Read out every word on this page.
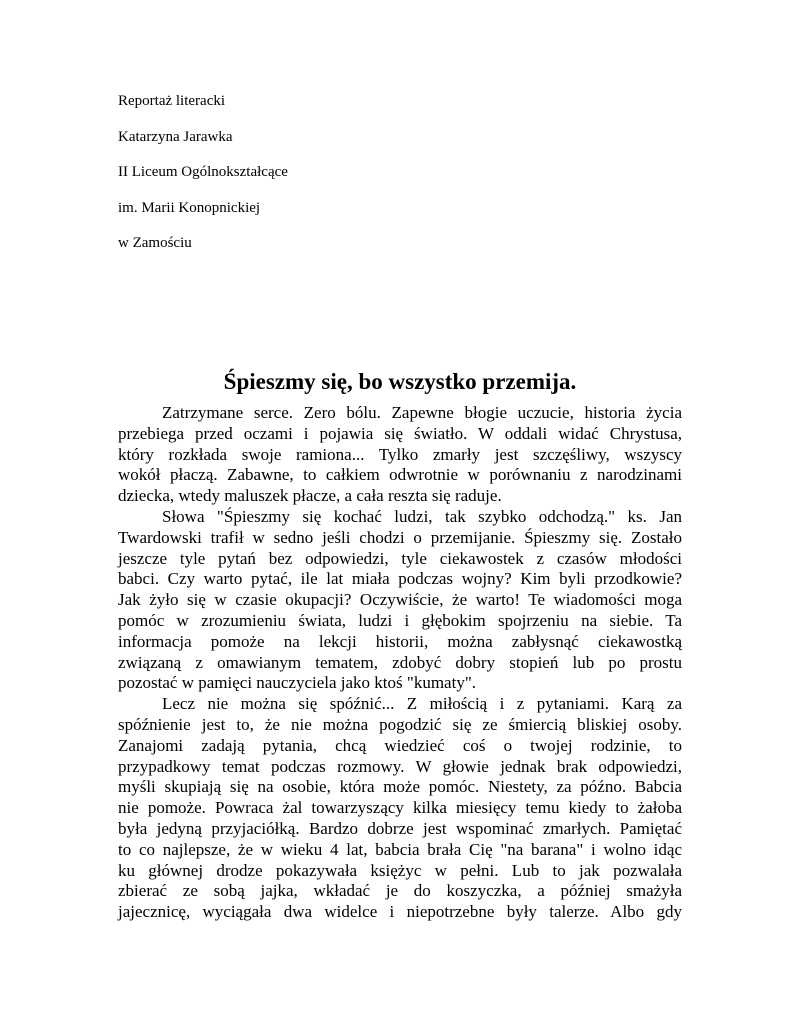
Reportaż literacki
Katarzyna Jarawka
II Liceum Ogólnokształcące
im. Marii Konopnickiej
w Zamościu
Śpieszmy się, bo wszystko przemija.

Zatrzymane serce. Zero bólu. Zapewne błogie uczucie, historia życia
przebiega przed oczami i pojawia się światło. W oddali widać Chrystusa,
który rozkłada swoje ramiona... Tylko zmarły jest szczęśliwy, wszyscy
wokół płaczą. Zabawne, to całkiem odwrotnie w porównaniu z narodzinami
dziecka, wtedy maluszek płacze, a cała reszta się raduje.

Słowa "Śpieszmy się kochać ludzi, tak szybko odchodzą." ks. Jan
Twardowski trafił w sedno jeśli chodzi o przemijanie. Śpieszmy się. Zostało
jeszcze tyle pytań bez odpowiedzi, tyle ciekawostek z czasów młodości
babci. Czy warto pytać, ile lat miała podczas wojny? Kim byli przodkowie?
Jak żyło się w czasie okupacji? Oczywiście, że warto! Te wiadomości moga
pomóc w zrozumieniu świata, ludzi i głębokim spojrzeniu na siebie. Ta
informacja pomoże na lekcji historii, można zabłysnąć ciekawostką
związaną z omawianym tematem, zdobyć dobry stopień lub po prostu
pozostać w pamięci nauczyciela jako ktoś "kumaty".

Lecz nie można się spóźnić... Z miłością i z pytaniami. Karą za
spóźnienie jest to, że nie można pogodzić się ze śmiercią bliskiej osoby.
Zanajomi zadają pytania, chcą wiedzieć coś o twojej rodzinie, to
przypadkowy temat podczas rozmowy. W głowie jednak brak odpowiedzi,
myśli skupiają się na osobie, która może pomóc. Niestety, za późno. Babcia
nie pomoże. Powraca żal towarzyszący kilka miesięcy temu kiedy to żałoba
była jedyną przyjaciółką. Bardzo dobrze jest wspominać zmarłych. Pamiętać
to co najlepsze, że w wieku 4 lat, babcia brała Cię "na barana" i wolno idąc
ku głównej drodze pokazywała księżyc w pełni. Lub to jak pozwalała
zbierać ze sobą jajka, wkładać je do koszyczka, a później smażyła
jajecznicę, wyciągała dwa widelce i niepotrzebne były talerze. Albo gdy
